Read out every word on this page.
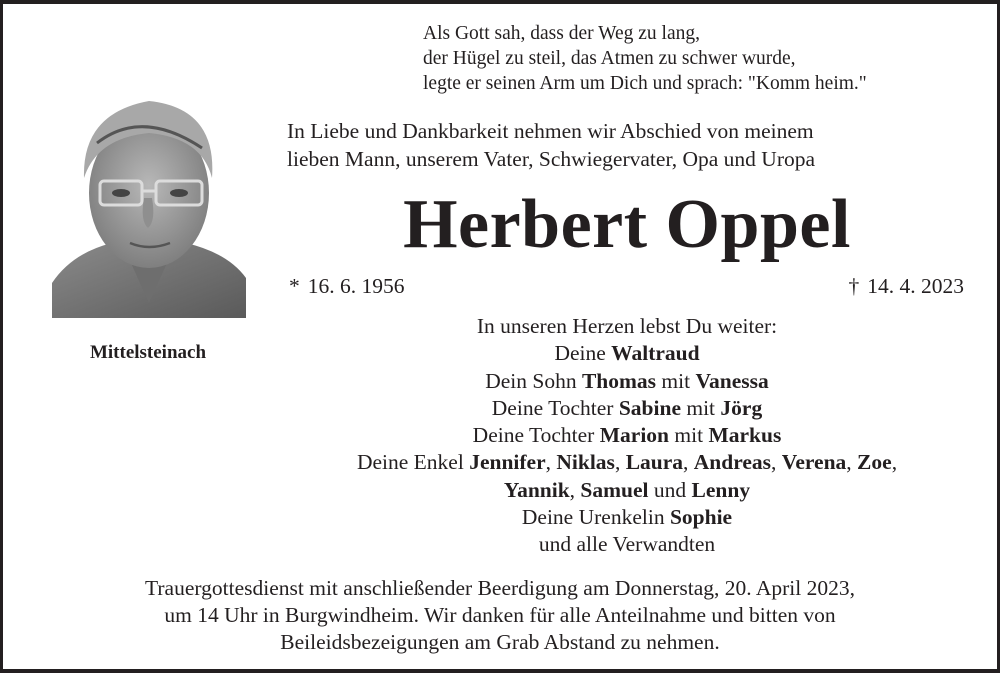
Als Gott sah, dass der Weg zu lang,
der Hügel zu steil, das Atmen zu schwer wurde,
legte er seinen Arm um Dich und sprach: "Komm heim."
Mittelsteinach
In Liebe und Dankbarkeit nehmen wir Abschied von meinem
lieben Mann, unserem Vater, Schwiegervater, Opa und Uropa
Herbert Oppel
* 16. 6. 1956	† 14. 4. 2023
In unseren Herzen lebst Du weiter:
Deine Waltraud
Dein Sohn Thomas mit Vanessa
Deine Tochter Sabine mit Jörg
Deine Tochter Marion mit Markus
Deine Enkel Jennifer, Niklas, Laura, Andreas, Verena, Zoe,
Yannik, Samuel und Lenny
Deine Urenkelin Sophie
und alle Verwandten
Trauergottesdienst mit anschließender Beerdigung am Donnerstag, 20. April 2023,
um 14 Uhr in Burgwindheim. Wir danken für alle Anteilnahme und bitten von
Beileidsbezeigungen am Grab Abstand zu nehmen.
